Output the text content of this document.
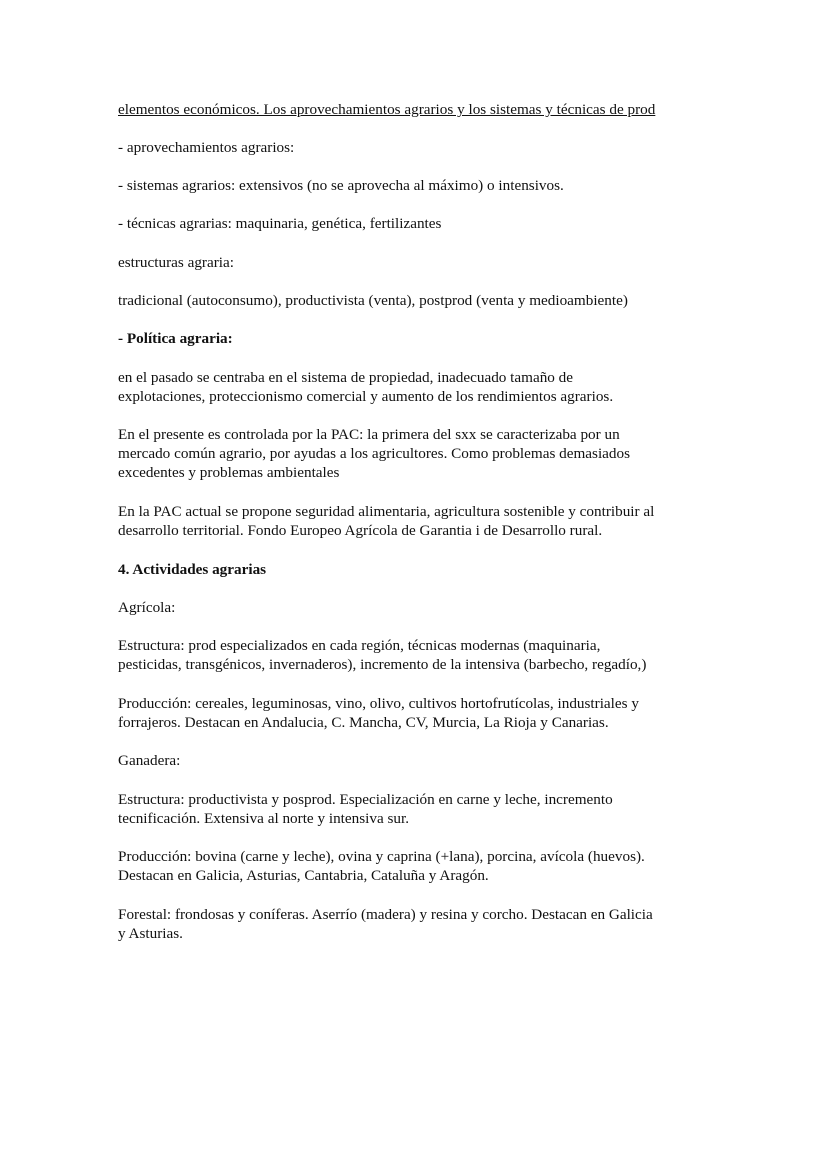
elementos económicos. Los aprovechamientos agrarios y los sistemas y técnicas de prod

- aprovechamientos agrarios:

- sistemas agrarios: extensivos (no se aprovecha al máximo) o intensivos.

- técnicas agrarias: maquinaria, genética, fertilizantes

estructuras agraria:

tradicional (autoconsumo), productivista (venta), postprod (venta y medioambiente)

- Política agraria:

en el pasado se centraba en el sistema de propiedad, inadecuado tamaño de

explotaciones, proteccionismo comercial y aumento de los rendimientos agrarios.

En el presente es controlada por la PAC: la primera del sxx se caracterizaba por un

mercado común agrario, por ayudas a los agricultores. Como problemas demasiados

excedentes y problemas ambientales

En la PAC actual se propone seguridad alimentaria, agricultura sostenible y contribuir al

desarrollo territorial. Fondo Europeo Agrícola de Garantia i de Desarrollo rural.

4. Actividades agrarias

Agrícola:

Estructura: prod especializados en cada región, técnicas modernas (maquinaria,

pesticidas, transgénicos, invernaderos), incremento de la intensiva (barbecho, regadío,)

Producción: cereales, leguminosas, vino, olivo, cultivos hortofrutícolas, industriales y

forrajeros. Destacan en Andalucia, C. Mancha, CV, Murcia, La Rioja y Canarias.

Ganadera:

Estructura: productivista y posprod. Especialización en carne y leche, incremento

tecnificación. Extensiva al norte y intensiva sur.

Producción: bovina (carne y leche), ovina y caprina (+lana), porcina, avícola (huevos).

Destacan en Galicia, Asturias, Cantabria, Cataluña y Aragón.

Forestal: frondosas y coníferas. Aserrío (madera) y resina y corcho. Destacan en Galicia

y Asturias.
